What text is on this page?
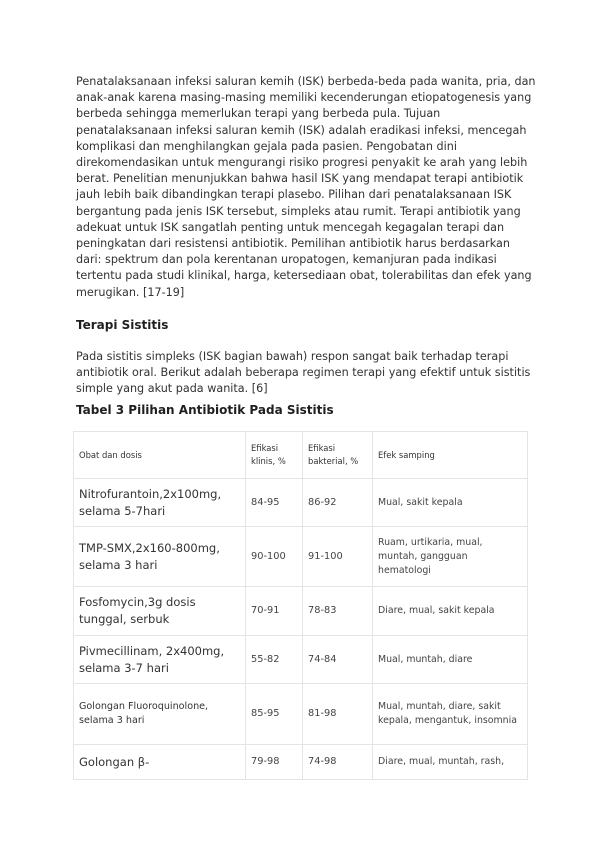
Penatalaksanaan infeksi saluran kemih (ISK) berbeda-beda pada wanita, pria, dan anak-anak karena masing-masing memiliki kecenderungan etiopatogenesis yang berbeda sehingga memerlukan terapi yang berbeda pula. Tujuan penatalaksanaan infeksi saluran kemih (ISK) adalah eradikasi infeksi, mencegah komplikasi dan menghilangkan gejala pada pasien. Pengobatan dini direkomendasikan untuk mengurangi risiko progresi penyakit ke arah yang lebih berat. Penelitian menunjukkan bahwa hasil ISK yang mendapat terapi antibiotik jauh lebih baik dibandingkan terapi plasebo. Pilihan dari penatalaksanaan ISK bergantung pada jenis ISK tersebut, simpleks atau rumit. Terapi antibiotik yang adekuat untuk ISK sangatlah penting untuk mencegah kegagalan terapi dan peningkatan dari resistensi antibiotik. Pemilihan antibiotik harus berdasarkan dari: spektrum dan pola kerentanan uropatogen, kemanjuran pada indikasi tertentu pada studi klinikal, harga, ketersediaan obat, tolerabilitas dan efek yang merugikan. [17-19]
Terapi Sistitis
Pada sistitis simpleks (ISK bagian bawah) respon sangat baik terhadap terapi antibiotik oral. Berikut adalah beberapa regimen terapi yang efektif untuk sistitis simple yang akut pada wanita. [6]
Tabel 3 Pilihan Antibiotik Pada Sistitis
Obat dan dosis	Efikasi klinis, %	Efikasi bakterial, %	Efek samping
Nitrofurantoin,2x100mg, selama 5-7hari	84-95	86-92	Mual, sakit kepala
TMP-SMX,2x160-800mg, selama 3 hari	90-100	91-100	Ruam, urtikaria, mual, muntah, gangguan hematologi
Fosfomycin,3g dosis tunggal, serbuk	70-91	78-83	Diare, mual, sakit kepala
Pivmecillinam, 2x400mg, selama 3-7 hari	55-82	74-84	Mual, muntah, diare
Golongan Fluoroquinolone, selama 3 hari	85-95	81-98	Mual, muntah, diare, sakit kepala, mengantuk, insomnia
Golongan β-	79-98	74-98	Diare, mual, muntah, rash,
